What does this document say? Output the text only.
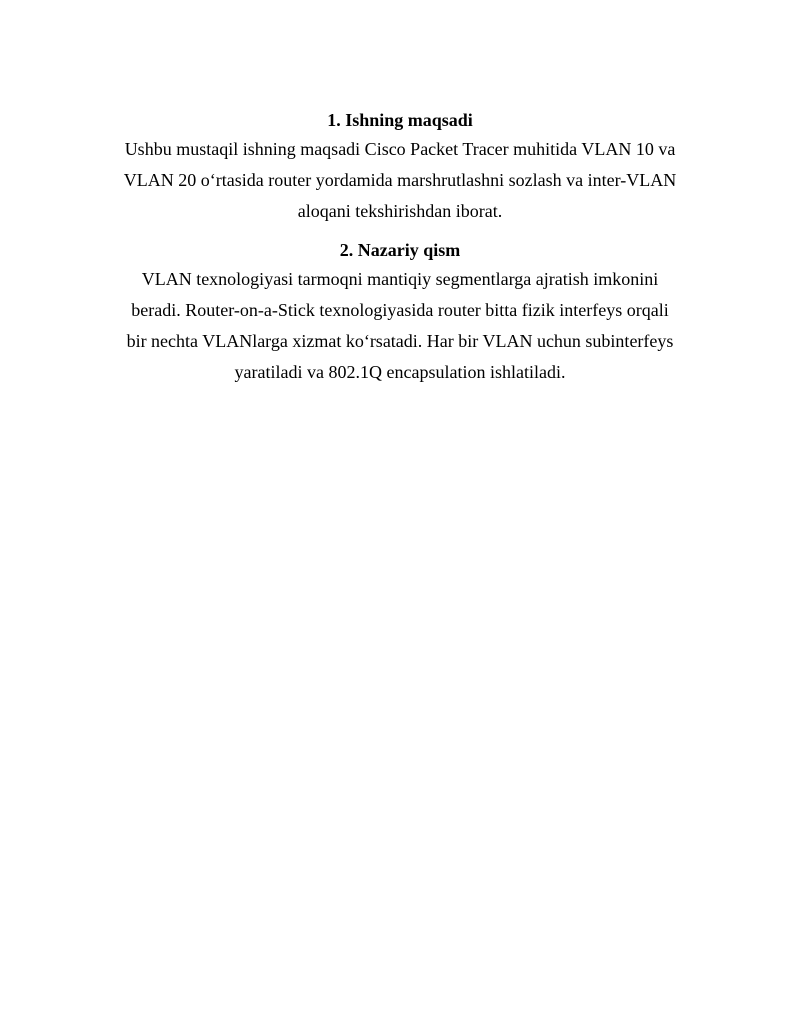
1. Ishning maqsadi

Ushbu mustaqil ishning maqsadi Cisco Packet Tracer muhitida VLAN 10 va
VLAN 20 o‘rtasida router yordamida marshrutlashni sozlash va inter-VLAN
aloqani tekshirishdan iborat.

2. Nazariy qism

VLAN texnologiyasi tarmoqni mantiqiy segmentlarga ajratish imkonini
beradi. Router-on-a-Stick texnologiyasida router bitta fizik interfeys orqali
bir nechta VLANlarga xizmat ko‘rsatadi. Har bir VLAN uchun subinterfeys
yaratiladi va 802.1Q encapsulation ishlatiladi.
